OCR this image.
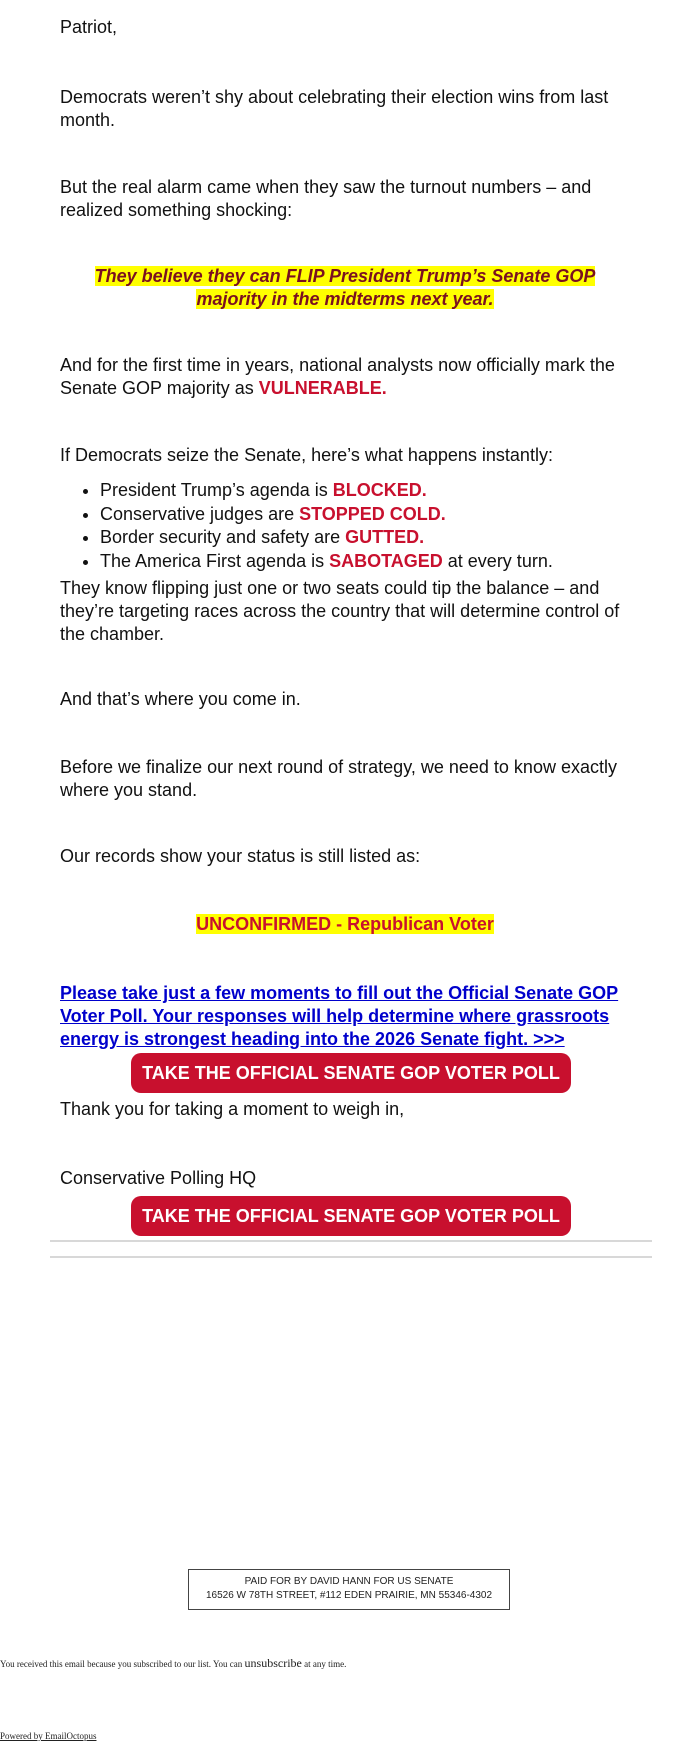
Patriot,

Democrats weren’t shy about celebrating their election wins from last month.

But the real alarm came when they saw the turnout numbers – and realized something shocking:

They believe they can FLIP President Trump’s Senate GOP majority in the midterms next year.

And for the first time in years, national analysts now officially mark the Senate GOP majority as VULNERABLE.

If Democrats seize the Senate, here’s what happens instantly:

• President Trump’s agenda is BLOCKED.
• Conservative judges are STOPPED COLD.
• Border security and safety are GUTTED.
• The America First agenda is SABOTAGED at every turn.

They know flipping just one or two seats could tip the balance – and they’re targeting races across the country that will determine control of the chamber.

And that’s where you come in.

Before we finalize our next round of strategy, we need to know exactly where you stand.

Our records show your status is still listed as:

UNCONFIRMED - Republican Voter

Please take just a few moments to fill out the Official Senate GOP Voter Poll. Your responses will help determine where grassroots energy is strongest heading into the 2026 Senate fight. >>>

TAKE THE OFFICIAL SENATE GOP VOTER POLL

Thank you for taking a moment to weigh in,

Conservative Polling HQ

TAKE THE OFFICIAL SENATE GOP VOTER POLL
PAID FOR BY DAVID HANN FOR US SENATE
16526 W 78TH STREET, #112 EDEN PRAIRIE, MN 55346-4302
You received this email because you subscribed to our list. You can unsubscribe at any time.
Powered by EmailOctopus
